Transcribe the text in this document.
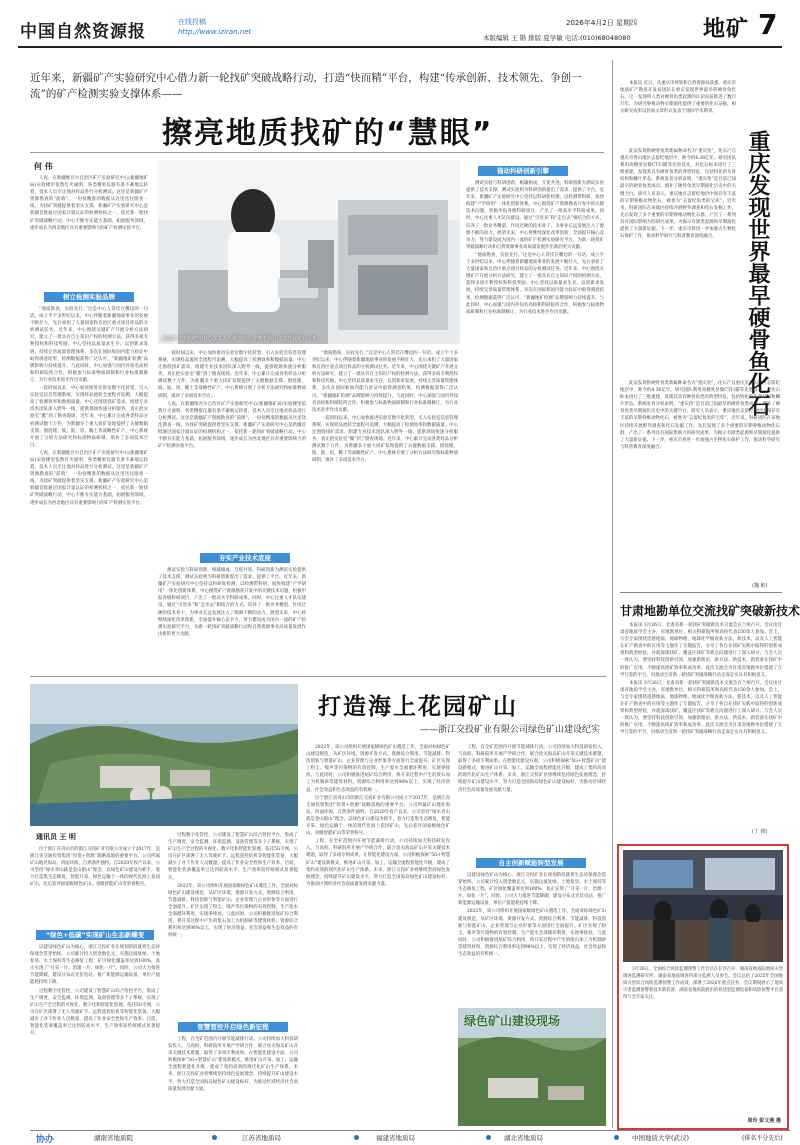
中国自然资源报	在线投稿
http://www.iziran.net
2026年4月2日 星期四	地矿 7
本版编辑 王 锴 排版 夏学敏 电话:(010)68048080
近年来，新疆矿产实验研究中心借力新一轮找矿突破战略行动，打造“快而精”平台，构建“传承创新、技术领先、争创一流”的矿产检测实验支撑体系——
擦亮地质找矿的“慧眼”
何 伟

人夜，在新疆维吾尔自治区矿产实验研究中心(新疆地矿局)实验楼里依然灯火通明，各类精密仪器有条不紊地运转着，技术人员专注地对样品进行分析测试。这里是新疆矿产资源勘查的“前哨”，一份份精准的数据从这里送往勘查一线，为找矿突破提供着坚实支撑。新疆矿产实验研究中心是新疆首批通过国家计量认证的检测机构之一，依托新一轮找矿突破战略行动，中心不断夯实能力基础，拓展服务领域，逐步成长为西北地区具有重要影响力的矿产检测实验平台。

树立检测实验品牌

“地质勘查，实验先行。”这是中心人常挂在嘴边的一句话。成立半个多世纪以来，中心伴随着新疆地质事业的发展不断壮大，先后承担了大量国家和自治区重点项目样品的分析测试任务。近年来，中心围绕关键矿产开展分析方法研究，建立了一批具有自主知识产权的检测方法，获得多项专利授权和科技奖励。中心坚持以质量求生存、以创新求发展，持续完善质量管理体系，多次在国际和国内能力验证中取得满意结果，检测数据获得广泛认可，“新疆地矿检测”品牌影响力持续提升。与此同时，中心加强与国内外知名高校和科研院所合作，积极参与标准物质研制和行业标准制修订，为行业技术进步作出贡献。

一段时间以来，中心加快推进实验室数字化转型，引入实验室信息管理系统，实现样品流转全流程可追溯，大幅提高了检测效率和数据质量。中心还围绕找矿需求，组建专业技术团队深入野外一线，提供现场快速分析服务，真正把实验室“搬”到了勘查现场。近年来，中心累计完成各类样品分析测试数十万件，为新疆多个重大找矿发现提供了关键数据支撑。围绕锂、铍、铌、钽、稀土等战略性矿产，中心系统开展了分析方法研究和标准物质研制，填补了多项技术空白。

人夜，在新疆维吾尔自治区矿产实验研究中心(新疆地矿局)实验楼里依然灯火通明，各类精密仪器有条不紊地运转着，技术人员专注地对样品进行分析测试。这里是新疆矿产资源勘查的“前哨”，一份份精准的数据从这里送往勘查一线，为找矿突破提供着坚实支撑。新疆矿产实验研究中心是新疆首批通过国家计量认证的检测机构之一，依托新一轮找矿突破战略行动，中心不断夯实能力基础，拓展服务领域，逐步成长为西北地区具有重要影响力的矿产检测实验平台。

新疆矿产实验研究中心技术人员操作高分辨离子探针仪器开展实验分析。

一段时间以来，中心加快推进实验室数字化转型，引入实验室信息管理系统，实现样品流转全流程可追溯，大幅提高了检测效率和数据质量。中心还围绕找矿需求，组建专业技术团队深入野外一线，提供现场快速分析服务，真正把实验室“搬”到了勘查现场。近年来，中心累计完成各类样品分析测试数十万件，为新疆多个重大找矿发现提供了关键数据支撑。围绕锂、铍、铌、钽、稀土等战略性矿产，中心系统开展了分析方法研究和标准物质研制，填补了多项技术空白。

人夜，在新疆维吾尔自治区矿产实验研究中心(新疆地矿局)实验楼里依然灯火通明，各类精密仪器有条不紊地运转着，技术人员专注地对样品进行分析测试。这里是新疆矿产资源勘查的“前哨”，一份份精准的数据从这里送往勘查一线，为找矿突破提供着坚实支撑。新疆矿产实验研究中心是新疆首批通过国家计量认证的检测机构之一，依托新一轮找矿突破战略行动，中心不断夯实能力基础，拓展服务领域，逐步成长为西北地区具有重要影响力的矿产检测实验平台。

夯实产业技术底座

测试实验与科研创新，相辅相成，互促共进。科研创新为测试实验提供了技术支撑，测试实验则为科研创新提出了需求、提供了平台。近年来，新疆矿产实验研究中心坚持以科研促检测，以检测带科研，加快构建“产学研用”一体化创新体系。中心围绕矿产资源勘查开发中的关键技术问题，积极申报各级科研项目，产出了一批高水平科研成果。同时，中心注重人才队伍建设，通过“引进来”和“走出去”相结合的方式，培养了一批业务精湛、作风过硬的技术骨干，为事业长远发展注入了源源不断的动力。展望未来，中心将继续深化改革创新，全面提升核心竞争力，努力建设成为国内一流的矿产检测实验研究平台，为新一轮找矿突破战略行动和自然资源事业高质量发展作出新的更大贡献。

“地质勘查，实验先行。”这是中心人常挂在嘴边的一句话。成立半个多世纪以来，中心伴随着新疆地质事业的发展不断壮大，先后承担了大量国家和自治区重点项目样品的分析测试任务。近年来，中心围绕关键矿产开展分析方法研究，建立了一批具有自主知识产权的检测方法，获得多项专利授权和科技奖励。中心坚持以质量求生存、以创新求发展，持续完善质量管理体系，多次在国际和国内能力验证中取得满意结果，检测数据获得广泛认可，“新疆地矿检测”品牌影响力持续提升。与此同时，中心加强与国内外知名高校和科研院所合作，积极参与标准物质研制和行业标准制修订，为行业技术进步作出贡献。

一段时间以来，中心加快推进实验室数字化转型，引入实验室信息管理系统，实现样品流转全流程可追溯，大幅提高了检测效率和数据质量。中心还围绕找矿需求，组建专业技术团队深入野外一线，提供现场快速分析服务，真正把实验室“搬”到了勘查现场。近年来，中心累计完成各类样品分析测试数十万件，为新疆多个重大找矿发现提供了关键数据支撑。围绕锂、铍、铌、钽、稀土等战略性矿产，中心系统开展了分析方法研究和标准物质研制，填补了多项技术空白。

锚动科研创新引擎

测试实验与科研创新，相辅相成，互促共进。科研创新为测试实验提供了技术支撑，测试实验则为科研创新提出了需求、提供了平台。近年来，新疆矿产实验研究中心坚持以科研促检测，以检测带科研，加快构建“产学研用”一体化创新体系。中心围绕矿产资源勘查开发中的关键技术问题，积极申报各级科研项目，产出了一批高水平科研成果。同时，中心注重人才队伍建设，通过“引进来”和“走出去”相结合的方式，培养了一批业务精湛、作风过硬的技术骨干，为事业长远发展注入了源源不断的动力。展望未来，中心将继续深化改革创新，全面提升核心竞争力，努力建设成为国内一流的矿产检测实验研究平台，为新一轮找矿突破战略行动和自然资源事业高质量发展作出新的更大贡献。

“地质勘查，实验先行。”这是中心人常挂在嘴边的一句话。成立半个多世纪以来，中心伴随着新疆地质事业的发展不断壮大，先后承担了大量国家和自治区重点项目样品的分析测试任务。近年来，中心围绕关键矿产开展分析方法研究，建立了一批具有自主知识产权的检测方法，获得多项专利授权和科技奖励。中心坚持以质量求生存、以创新求发展，持续完善质量管理体系，多次在国际和国内能力验证中取得满意结果，检测数据获得广泛认可，“新疆地矿检测”品牌影响力持续提升。与此同时，中心加强与国内外知名高校和科研院所合作，积极参与标准物质研制和行业标准制修订，为行业技术进步作出贡献。

本报讯 近日，从重庆市规划和自然资源局获悉，重庆市地质矿产勘查开发局团队在重庆发现世界最早的硬骨鱼化石。这一发现将人类对硬骨鱼类起源的认识向前推进了数百万年，为研究脊椎动物早期演化提供了重要的化石证据，相关研究成果以封面文章形式发表于国际学术期刊。

重庆发现世界最早硬骨鱼化石

此次发现的硬骨鱼类新属种命名为“重庆鱼”，化石产自重庆市秀山地区志留纪地层中，距今约4.36亿年。研究团队利用高精度显微CT扫描等先进技术，对化石标本进行了三维重建，发现其具有硬骨鱼类的典型特征，包括特化的头骨结构和鳞片形态。系统发育分析表明，“重庆鱼”是目前已知最早的硬骨鱼类成员，填补了硬骨鱼类早期演化历史中的关键空白。研究人员表示，重庆地区志留纪地层中保存有丰富的早期脊椎动物化石，被誉为“志留纪鱼类的宝库”。近年来，科研团队在该地区持续开展野外调查和化石发掘工作，先后发现了多个重要的早期脊椎动物化石群，产出了一系列具有国际影响力的研究成果，为揭示有颌类起源和早期演化提供了大量新证据。下一步，重庆市将进一步加强古生物化石保护工作，推动科学研究与科普教育深度融合。

此次发现的硬骨鱼类新属种命名为“重庆鱼”，化石产自重庆市秀山地区志留纪地层中，距今约4.36亿年。研究团队利用高精度显微CT扫描等先进技术，对化石标本进行了三维重建，发现其具有硬骨鱼类的典型特征，包括特化的头骨结构和鳞片形态。系统发育分析表明，“重庆鱼”是目前已知最早的硬骨鱼类成员，填补了硬骨鱼类早期演化历史中的关键空白。研究人员表示，重庆地区志留纪地层中保存有丰富的早期脊椎动物化石，被誉为“志留纪鱼类的宝库”。近年来，科研团队在该地区持续开展野外调查和化石发掘工作，先后发现了多个重要的早期脊椎动物化石群，产出了一系列具有国际影响力的研究成果，为揭示有颌类起源和早期演化提供了大量新证据。下一步，重庆市将进一步加强古生物化石保护工作，推动科学研究与科普教育深度融合。

(魏 彬)
甘肃地勘单位交流找矿突破新技术

本报讯 3月26日，甘肃省新一轮找矿突破新技术交流会在兰州召开。会议由甘肃省地质学会主办，省地勘单位、相关科研院所和高校代表150余人参加。会上，与会专家围绕遥感地质、地球物理、地球化学勘查新方法、新技术，以及人工智能在矿产勘查中的应用等主题作了专题报告，分享了各自在找矿实践中取得的创新成果和典型经验，并就深部找矿、覆盖区找矿等难点问题进行了深入研讨。与会人员一致认为，要坚持科技创新引领，加强新理论、新方法、新技术、新装备在找矿中的推广应用，不断提高找矿效率和成功率。此次交流会为甘肃省地勘单位搭建了互学互鉴的平台，对推动全省新一轮找矿突破战略行动走深走实具有积极意义。

本报讯 3月26日，甘肃省新一轮找矿突破新技术交流会在兰州召开。会议由甘肃省地质学会主办，省地勘单位、相关科研院所和高校代表150余人参加。会上，与会专家围绕遥感地质、地球物理、地球化学勘查新方法、新技术，以及人工智能在矿产勘查中的应用等主题作了专题报告，分享了各自在找矿实践中取得的创新成果和典型经验，并就深部找矿、覆盖区找矿等难点问题进行了深入研讨。与会人员一致认为，要坚持科技创新引领，加强新理论、新方法、新技术、新装备在找矿中的推广应用，不断提高找矿效率和成功率。此次交流会为甘肃省地勘单位搭建了互学互鉴的平台，对推动全省新一轮找矿突破战略行动走深走实具有积极意义。

(丁 媛)

3月26日，全国综合风险监测预警工作会议在长沙召开，湖南省地质院地质灾害调查监测研究所、湖南省地质调查所部分监测人员参会。会议总结了2025年全国地质灾害综合风险监测预警工作成效，部署了2026年重点任务，会议期间展示了地质灾害监测预警新技术新装备，湖南省地质院展出的普适型监测设备和风险预警平台获得与会专家关注。

周玲 彭文燕 摄
打造海上花园矿山
——浙江交投矿业有限公司绿色矿山建设纪实
通讯员 王 明

位于浙江省舟山市的浙江交投矿业有限公司成立于2017年，是浙江省交通投资集团“投资+资源”战略落地的重要平台。公司所属矿山地处海岛，四面环海，自然条件独特。自2020年投产以来，公司坚持“绿水青山就是金山银山”理念，以绿色矿山建设为抓手，着力打造集生态修复、智能开采、绿色运输于一体的现代化海上花园矿山，先后获评国家级绿色矿山、省级智能矿山等荣誉称号。

“绿色+低碳”实现矿山生态新蝶变

以建设绿色矿山为核心，浙江交投矿业在规划阶段就将生态环保理念贯穿始终。公司累计投入资金数亿元，实施边坡复绿、土地复垦、水土保持等生态修复工程，矿区绿化覆盖率达到100%，真正实现了“开采一片、治理一片、绿化一片”。同时，公司大力推进节能降碳，建设分布式光伏电站，推广新能源运输设备，单位产值能耗持续下降。

过程数字化管控，公司建设了智慧矿山综合管控平台，集成了生产调度、安全监测、环境监测、设备管理等多个子系统，实现了矿山生产全过程的可视化、数字化和智能化管理。依托5G专网，公司在矿区部署了无人驾驶矿卡、远程遥控钻机等智能化装备，大幅减少了井下作业人员数量，提高了作业安全性和生产效率。目前，智能化装备覆盖率已达到较高水平，生产效率较传统模式显著提升。

过程数字化管控，公司建设了智慧矿山综合管控平台，集成了生产调度、安全监测、环境监测、设备管理等多个子系统，实现了矿山生产全过程的可视化、数字化和智能化管理。依托5G专网，公司在矿区部署了无人驾驶矿卡、远程遥控钻机等智能化装备，大幅减少了井下作业人员数量，提高了作业安全性和生产效率。目前，智能化装备覆盖率已达到较高水平，生产效率较传统模式显著提升。

2022年，该公司组织开展国家级绿色矿山遴选工作，全面对标绿色矿山建设规范，从矿区环境、资源开发方式、资源综合利用、节能减排、科技创新与智能矿山、企业管理与企业形象等方面进行全面提升。矿区实现了粉尘、噪声等污染物的有效控制，生产废水全部循环利用，实现零排放。与此同时，公司积极推进尾矿综合利用，将开采过程中产生的废石加工为机制砂等建筑材料，资源综合利用率达到98%以上，实现了经济效益、社会效益和生态效益的有机统一。

智慧管控开启绿色新征程

工程，在全矿范围内开展节能减排行动。公司持续加大科技研发投入，与高校、科研院所开展产学研合作，联合攻关海岛矿山开采关键技术难题，取得了多项专利成果。在智能化建设方面，公司积极探索“5G+智慧矿山”建设新模式，推进矿山开采、加工、运输全流程智能化升级，建成了集约高效的现代化矿山生产体系。未来，浙江交投矿业将继续坚持绿色发展理念，持续提升矿山建设水平，努力打造全国海岛绿色矿山建设标杆，为推动区域经济社会高质量发展贡献力量。

2022年，该公司组织开展国家级绿色矿山遴选工作，全面对标绿色矿山建设规范，从矿区环境、资源开发方式、资源综合利用、节能减排、科技创新与智能矿山、企业管理与企业形象等方面进行全面提升。矿区实现了粉尘、噪声等污染物的有效控制，生产废水全部循环利用，实现零排放。与此同时，公司积极推进尾矿综合利用，将开采过程中产生的废石加工为机制砂等建筑材料，资源综合利用率达到98%以上，实现了经济效益、社会效益和生态效益的有机统一。

位于浙江省舟山市的浙江交投矿业有限公司成立于2017年，是浙江省交通投资集团“投资+资源”战略落地的重要平台。公司所属矿山地处海岛，四面环海，自然条件独特。自2020年投产以来，公司坚持“绿水青山就是金山银山”理念，以绿色矿山建设为抓手，着力打造集生态修复、智能开采、绿色运输于一体的现代化海上花园矿山，先后获评国家级绿色矿山、省级智能矿山等荣誉称号。

工程，在全矿范围内开展节能减排行动。公司持续加大科技研发投入，与高校、科研院所开展产学研合作，联合攻关海岛矿山开采关键技术难题，取得了多项专利成果。在智能化建设方面，公司积极探索“5G+智慧矿山”建设新模式，推进矿山开采、加工、运输全流程智能化升级，建成了集约高效的现代化矿山生产体系。未来，浙江交投矿业将继续坚持绿色发展理念，持续提升矿山建设水平，努力打造全国海岛绿色矿山建设标杆，为推动区域经济社会高质量发展贡献力量。

工程，在全矿范围内开展节能减排行动。公司持续加大科技研发投入，与高校、科研院所开展产学研合作，联合攻关海岛矿山开采关键技术难题，取得了多项专利成果。在智能化建设方面，公司积极探索“5G+智慧矿山”建设新模式，推进矿山开采、加工、运输全流程智能化升级，建成了集约高效的现代化矿山生产体系。未来，浙江交投矿业将继续坚持绿色发展理念，持续提升矿山建设水平，努力打造全国海岛绿色矿山建设标杆，为推动区域经济社会高质量发展贡献力量。

自主创新赋能转型发展

以建设绿色矿山为核心，浙江交投矿业在规划阶段就将生态环保理念贯穿始终。公司累计投入资金数亿元，实施边坡复绿、土地复垦、水土保持等生态修复工程，矿区绿化覆盖率达到100%，真正实现了“开采一片、治理一片、绿化一片”。同时，公司大力推进节能降碳，建设分布式光伏电站，推广新能源运输设备，单位产值能耗持续下降。

2022年，该公司组织开展国家级绿色矿山遴选工作，全面对标绿色矿山建设规范，从矿区环境、资源开发方式、资源综合利用、节能减排、科技创新与智能矿山、企业管理与企业形象等方面进行全面提升。矿区实现了粉尘、噪声等污染物的有效控制，生产废水全部循环利用，实现零排放。与此同时，公司积极推进尾矿综合利用，将开采过程中产生的废石加工为机制砂等建筑材料，资源综合利用率达到98%以上，实现了经济效益、社会效益和生态效益的有机统一。

绿色矿山建设现场
协办	湖南省地质院	江苏省地质局	福建省地质局	湖北省地质局	中国地质大学(武汉)	(排名不分先后)
